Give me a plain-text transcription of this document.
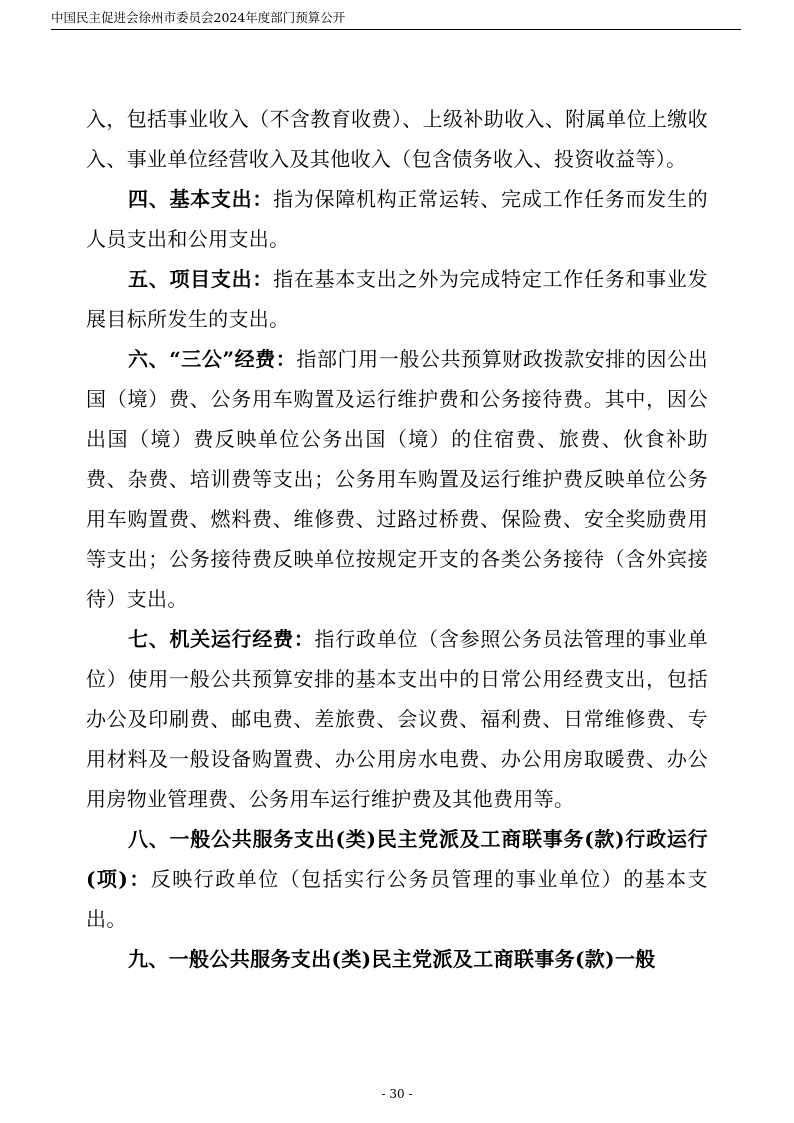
中国民主促进会徐州市委员会2024年度部门预算公开

入，包括事业收入（不含教育收费）、上级补助收入、附属单位上缴收入、事业单位经营收入及其他收入（包含债务收入、投资收益等）。

四、基本支出：指为保障机构正常运转、完成工作任务而发生的人员支出和公用支出。

五、项目支出：指在基本支出之外为完成特定工作任务和事业发展目标所发生的支出。

六、“三公”经费：指部门用一般公共预算财政拨款安排的因公出国（境）费、公务用车购置及运行维护费和公务接待费。其中，因公出国（境）费反映单位公务出国（境）的住宿费、旅费、伙食补助费、杂费、培训费等支出；公务用车购置及运行维护费反映单位公务用车购置费、燃料费、维修费、过路过桥费、保险费、安全奖励费用等支出；公务接待费反映单位按规定开支的各类公务接待（含外宾接待）支出。

七、机关运行经费：指行政单位（含参照公务员法管理的事业单位）使用一般公共预算安排的基本支出中的日常公用经费支出，包括办公及印刷费、邮电费、差旅费、会议费、福利费、日常维修费、专用材料及一般设备购置费、办公用房水电费、办公用房取暖费、办公用房物业管理费、公务用车运行维护费及其他费用等。

八、一般公共服务支出(类)民主党派及工商联事务(款)行政运行(项)：反映行政单位（包括实行公务员管理的事业单位）的基本支出。

九、一般公共服务支出(类)民主党派及工商联事务(款)一般

- 30 -
